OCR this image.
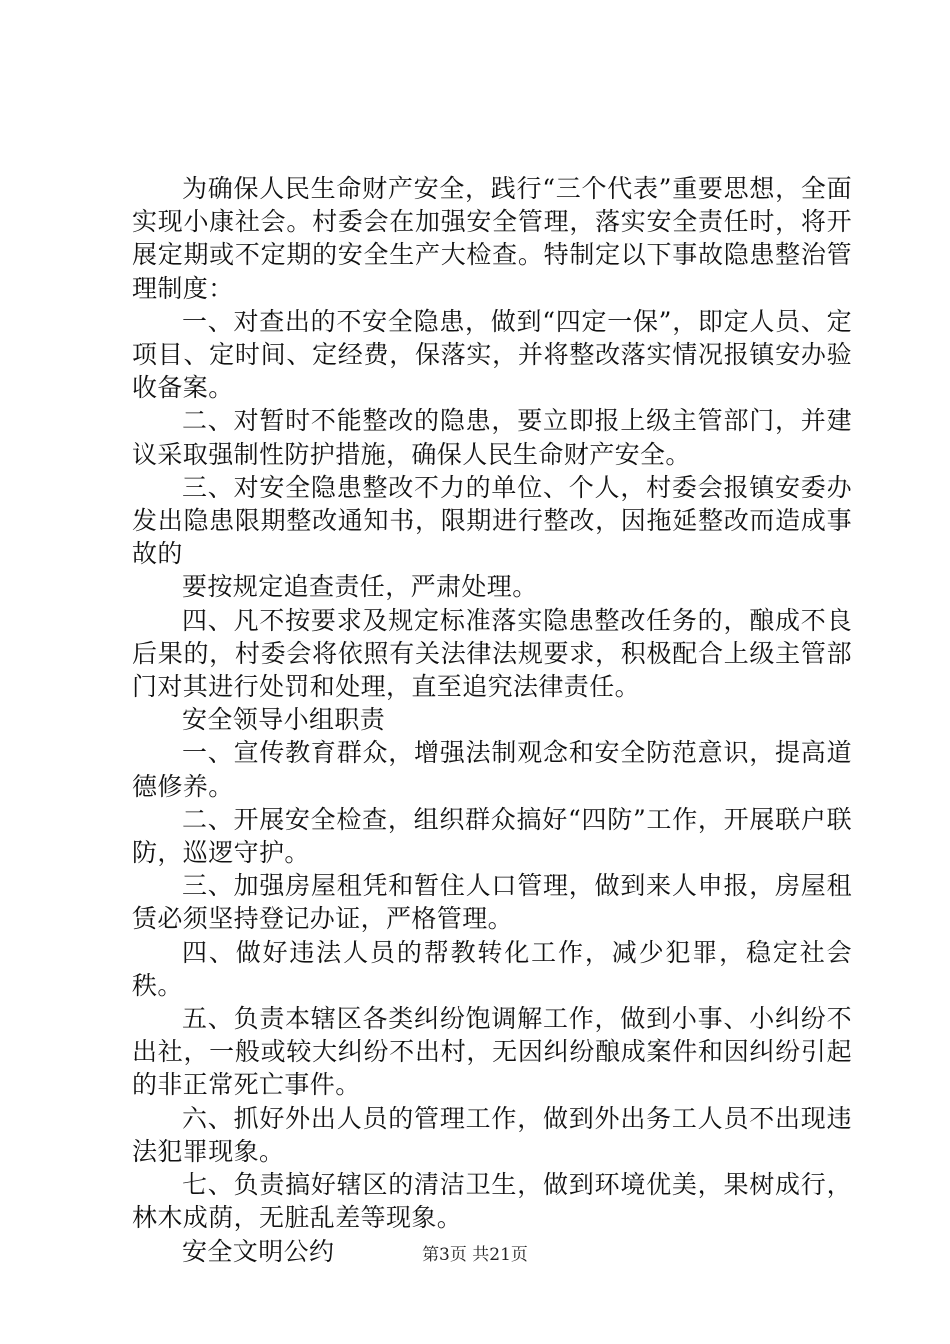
为确保人民生命财产安全，践行“三个代表”重要思想，全面实现小康社会。村委会在加强安全管理，落实安全责任时，将开展定期或不定期的安全生产大检查。特制定以下事故隐患整治管理制度：

一、对查出的不安全隐患，做到“四定一保”，即定人员、定项目、定时间、定经费，保落实，并将整改落实情况报镇安办验收备案。

二、对暂时不能整改的隐患，要立即报上级主管部门，并建议采取强制性防护措施，确保人民生命财产安全。

三、对安全隐患整改不力的单位、个人，村委会报镇安委办发出隐患限期整改通知书，限期进行整改，因拖延整改而造成事故的

要按规定追查责任，严肃处理。

四、凡不按要求及规定标准落实隐患整改任务的，酿成不良后果的，村委会将依照有关法律法规要求，积极配合上级主管部门对其进行处罚和处理，直至追究法律责任。

安全领导小组职责

一、宣传教育群众，增强法制观念和安全防范意识，提高道德修养。

二、开展安全检查，组织群众搞好“四防”工作，开展联户联防，巡逻守护。

三、加强房屋租凭和暂住人口管理，做到来人申报，房屋租赁必须坚持登记办证，严格管理。

四、做好违法人员的帮教转化工作，减少犯罪，稳定社会秩。

五、负责本辖区各类纠纷饱调解工作，做到小事、小纠纷不出社，一般或较大纠纷不出村，无因纠纷酿成案件和因纠纷引起的非正常死亡事件。

六、抓好外出人员的管理工作，做到外出务工人员不出现违法犯罪现象。

七、负责搞好辖区的清洁卫生，做到环境优美，果树成行，林木成荫，无脏乱差等现象。

安全文明公约	第3页 共21页
